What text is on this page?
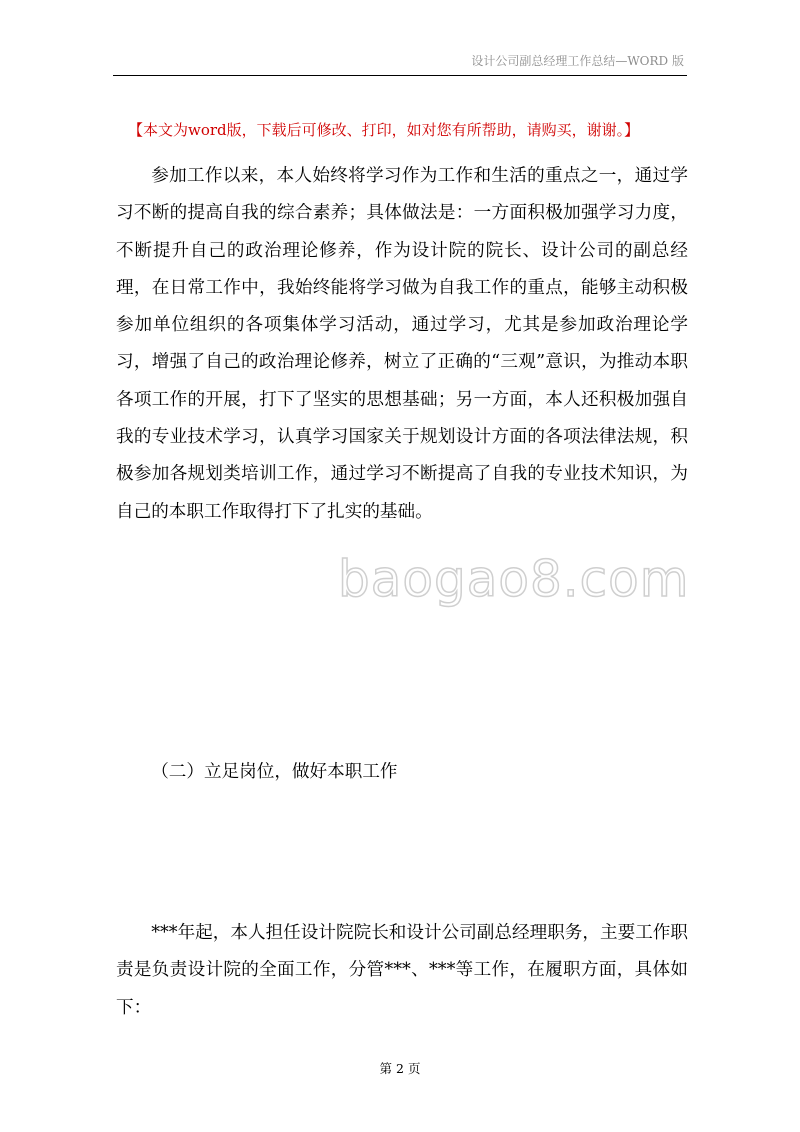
设计公司副总经理工作总结—WORD 版
【本文为word版，下载后可修改、打印，如对您有所帮助，请购买，谢谢。】

参加工作以来，本人始终将学习作为工作和生活的重点之一，通过学习不断的提高自我的综合素养；具体做法是：一方面积极加强学习力度，不断提升自己的政治理论修养，作为设计院的院长、设计公司的副总经理，在日常工作中，我始终能将学习做为自我工作的重点，能够主动积极参加单位组织的各项集体学习活动，通过学习，尤其是参加政治理论学习，增强了自己的政治理论修养，树立了正确的“三观”意识，为推动本职各项工作的开展，打下了坚实的思想基础；另一方面，本人还积极加强自我的专业技术学习，认真学习国家关于规划设计方面的各项法律法规，积极参加各规划类培训工作，通过学习不断提高了自我的专业技术知识，为自己的本职工作取得打下了扎实的基础。

（二）立足岗位，做好本职工作

***年起，本人担任设计院院长和设计公司副总经理职务，主要工作职责是负责设计院的全面工作，分管***、***等工作，在履职方面，具体如下：

baogao8.com
第 2 页
